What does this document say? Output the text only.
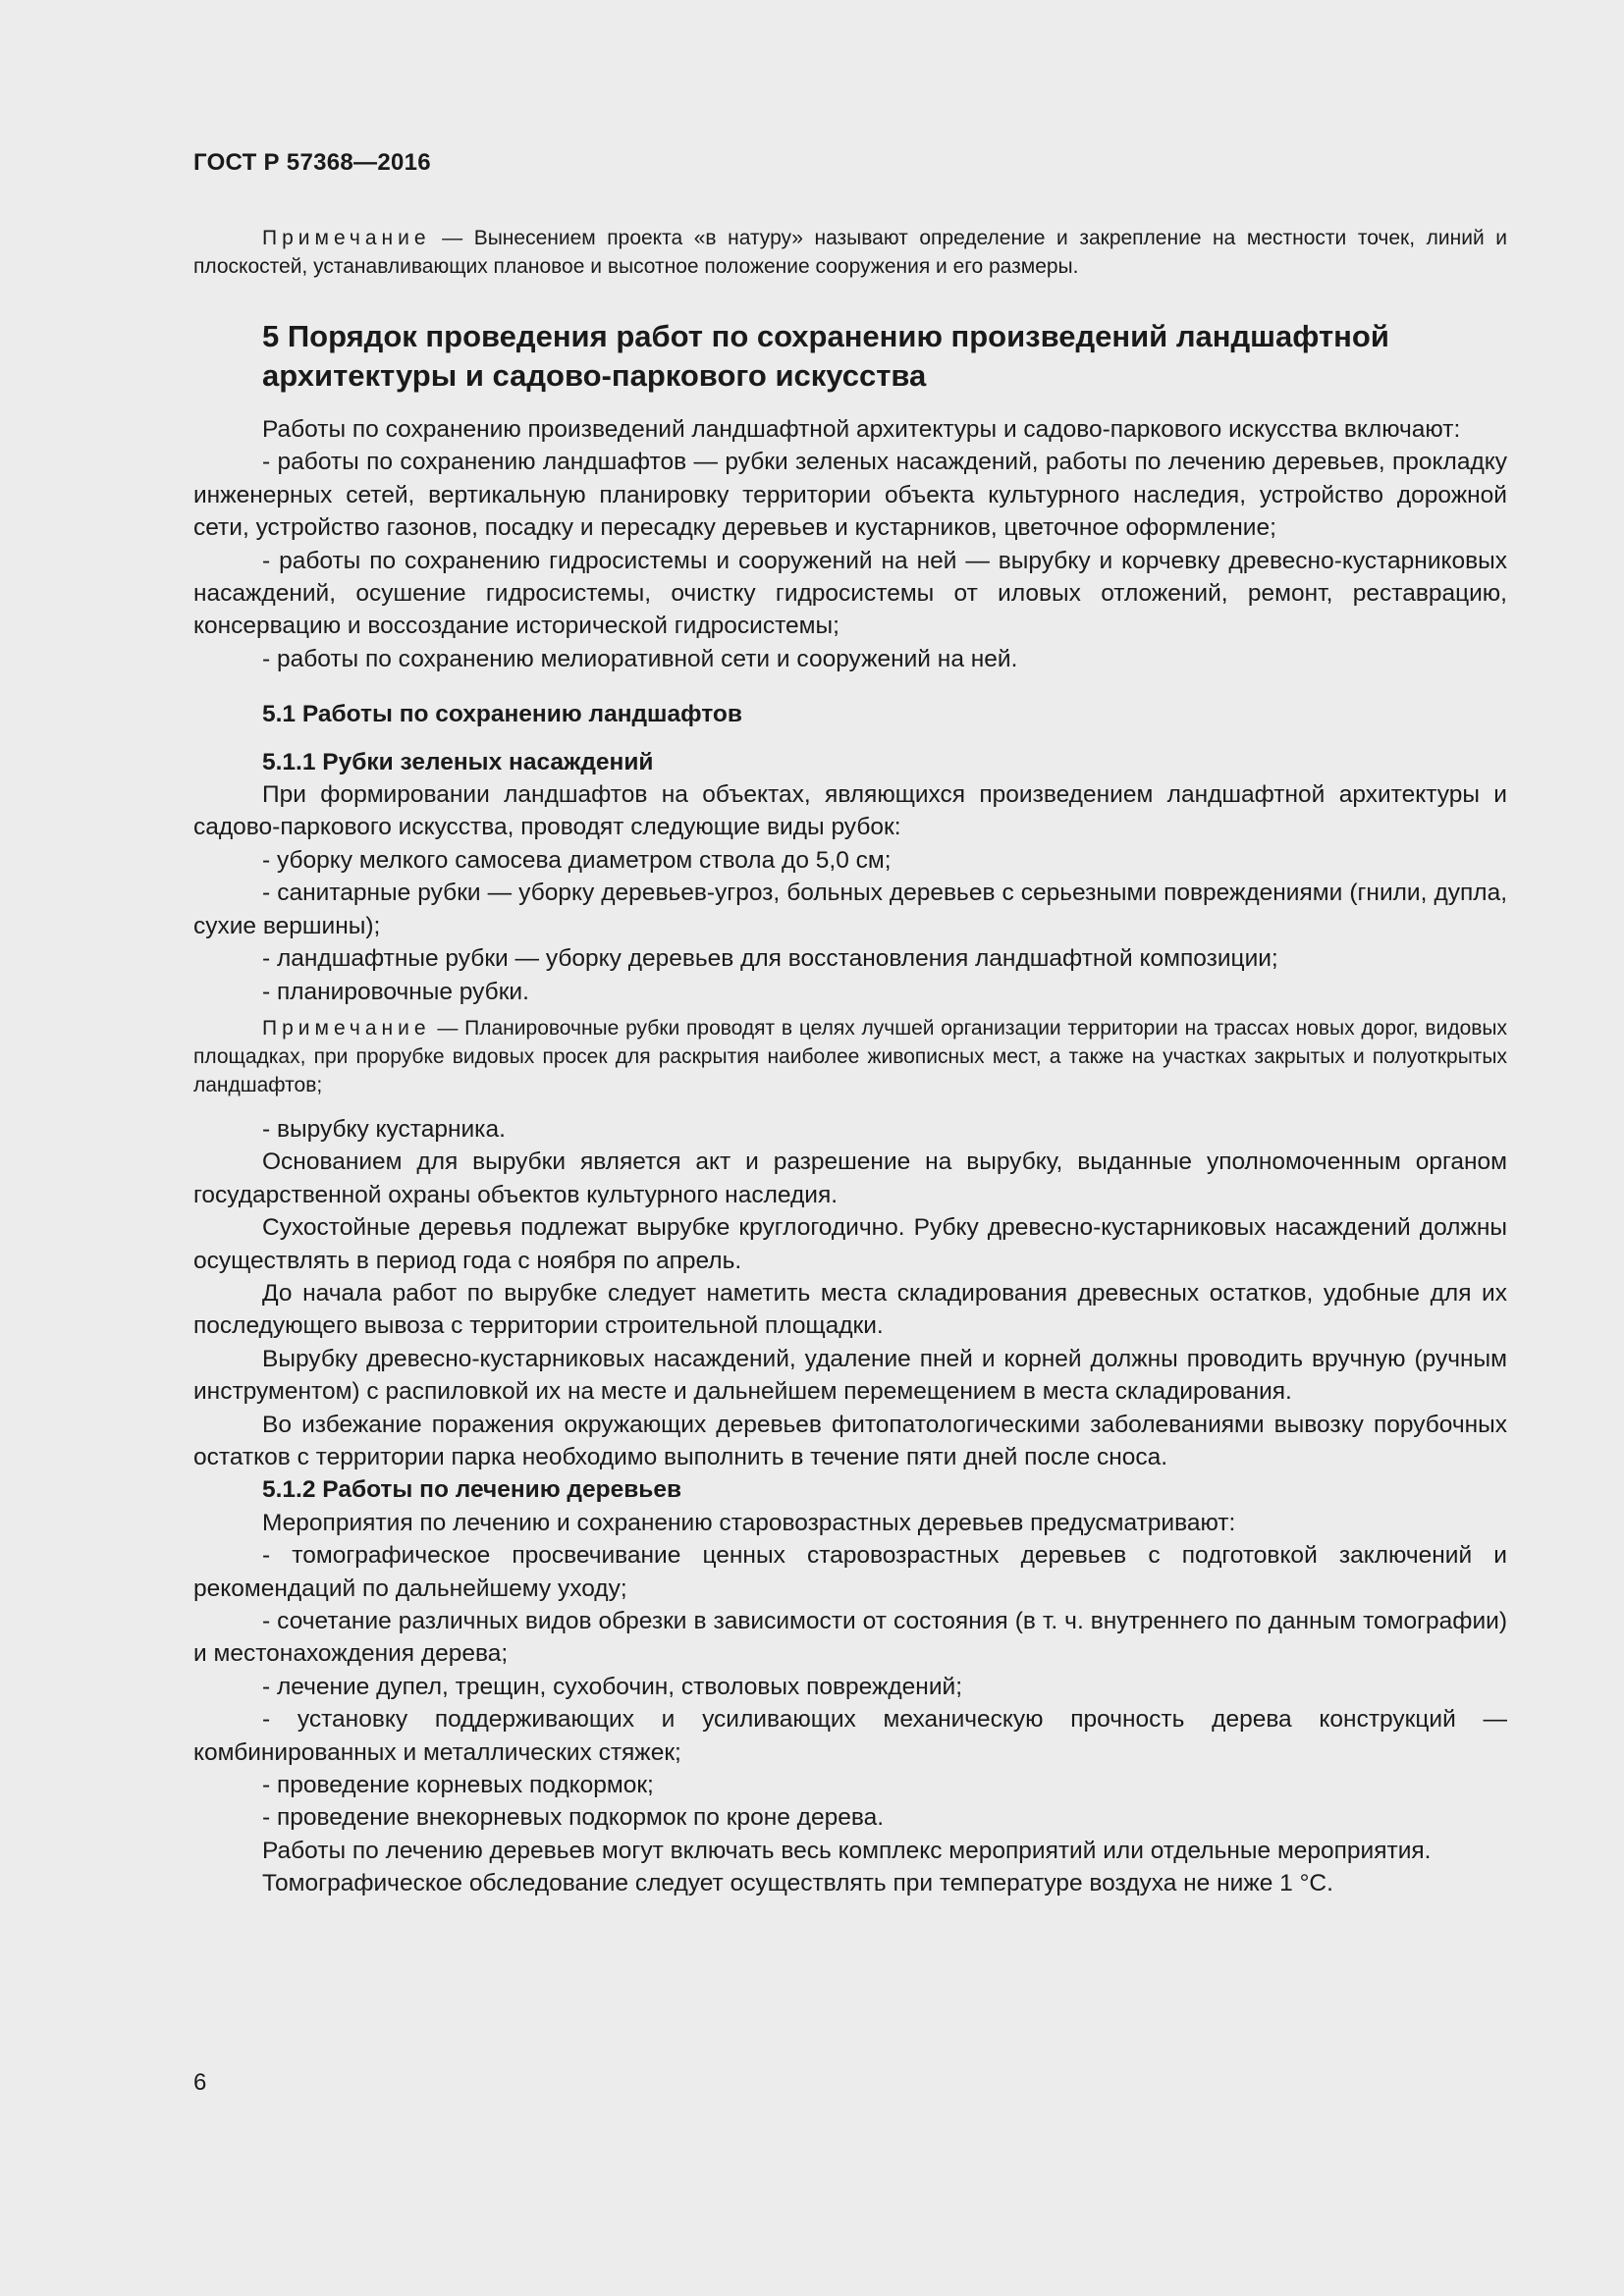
ГОСТ Р 57368—2016

Примечание — Вынесением проекта «в натуру» называют определение и закрепление на местности точек, линий и плоскостей, устанавливающих плановое и высотное положение сооружения и его размеры.

5 Порядок проведения работ по сохранению произведений ландшафтной
архитектуры и садово-паркового искусства

Работы по сохранению произведений ландшафтной архитектуры и садово-паркового искусства включают:

- работы по сохранению ландшафтов — рубки зеленых насаждений, работы по лечению деревьев, прокладку инженерных сетей, вертикальную планировку территории объекта культурного наследия, устройство дорожной сети, устройство газонов, посадку и пересадку деревьев и кустарников, цветочное оформление;

- работы по сохранению гидросистемы и сооружений на ней — вырубку и корчевку древесно-кустарниковых насаждений, осушение гидросистемы, очистку гидросистемы от иловых отложений, ремонт, реставрацию, консервацию и воссоздание исторической гидросистемы;

- работы по сохранению мелиоративной сети и сооружений на ней.

5.1 Работы по сохранению ландшафтов

5.1.1 Рубки зеленых насаждений

При формировании ландшафтов на объектах, являющихся произведением ландшафтной архитектуры и садово-паркового искусства, проводят следующие виды рубок:

- уборку мелкого самосева диаметром ствола до 5,0 см;

- санитарные рубки — уборку деревьев-угроз, больных деревьев с серьезными повреждениями (гнили, дупла, сухие вершины);

- ландшафтные рубки — уборку деревьев для восстановления ландшафтной композиции;

- планировочные рубки.

Примечание — Планировочные рубки проводят в целях лучшей организации территории на трассах новых дорог, видовых площадках, при прорубке видовых просек для раскрытия наиболее живописных мест, а также на участках закрытых и полуоткрытых ландшафтов;

- вырубку кустарника.

Основанием для вырубки является акт и разрешение на вырубку, выданные уполномоченным органом государственной охраны объектов культурного наследия.

Сухостойные деревья подлежат вырубке круглогодично. Рубку древесно-кустарниковых насаждений должны осуществлять в период года с ноября по апрель.

До начала работ по вырубке следует наметить места складирования древесных остатков, удобные для их последующего вывоза с территории строительной площадки.

Вырубку древесно-кустарниковых насаждений, удаление пней и корней должны проводить вручную (ручным инструментом) с распиловкой их на месте и дальнейшем перемещением в места складирования.

Во избежание поражения окружающих деревьев фитопатологическими заболеваниями вывозку порубочных остатков с территории парка необходимо выполнить в течение пяти дней после сноса.

5.1.2 Работы по лечению деревьев

Мероприятия по лечению и сохранению старовозрастных деревьев предусматривают:

- томографическое просвечивание ценных старовозрастных деревьев с подготовкой заключений и рекомендаций по дальнейшему уходу;

- сочетание различных видов обрезки в зависимости от состояния (в т. ч. внутреннего по данным томографии) и местонахождения дерева;

- лечение дупел, трещин, сухобочин, стволовых повреждений;

- установку поддерживающих и усиливающих механическую прочность дерева конструкций — комбинированных и металлических стяжек;

- проведение корневых подкормок;

- проведение внекорневых подкормок по кроне дерева.

Работы по лечению деревьев могут включать весь комплекс мероприятий или отдельные мероприятия.

Томографическое обследование следует осуществлять при температуре воздуха не ниже 1 °С.

6
